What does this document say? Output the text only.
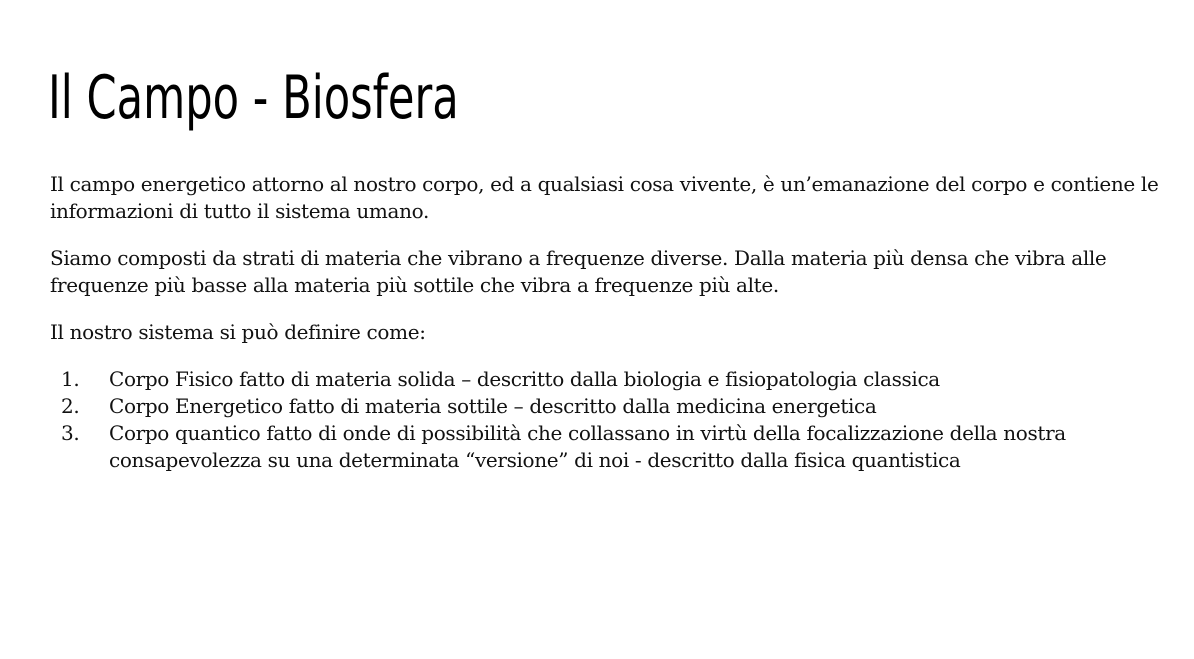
Il Campo - Biosfera

Il campo energetico attorno al nostro corpo, ed a qualsiasi cosa vivente, è un’emanazione del corpo e contiene le informazioni di tutto il sistema umano.

Siamo composti da strati di materia che vibrano a frequenze diverse. Dalla materia più densa che vibra alle frequenze più basse alla materia più sottile che vibra a frequenze più alte.

Il nostro sistema si può definire come:

1. Corpo Fisico fatto di materia solida – descritto dalla biologia e fisiopatologia classica
2. Corpo Energetico fatto di materia sottile – descritto dalla medicina energetica
3. Corpo quantico fatto di onde di possibilità che collassano in virtù della focalizzazione della nostra consapevolezza su una determinata “versione” di noi - descritto dalla fisica quantistica
